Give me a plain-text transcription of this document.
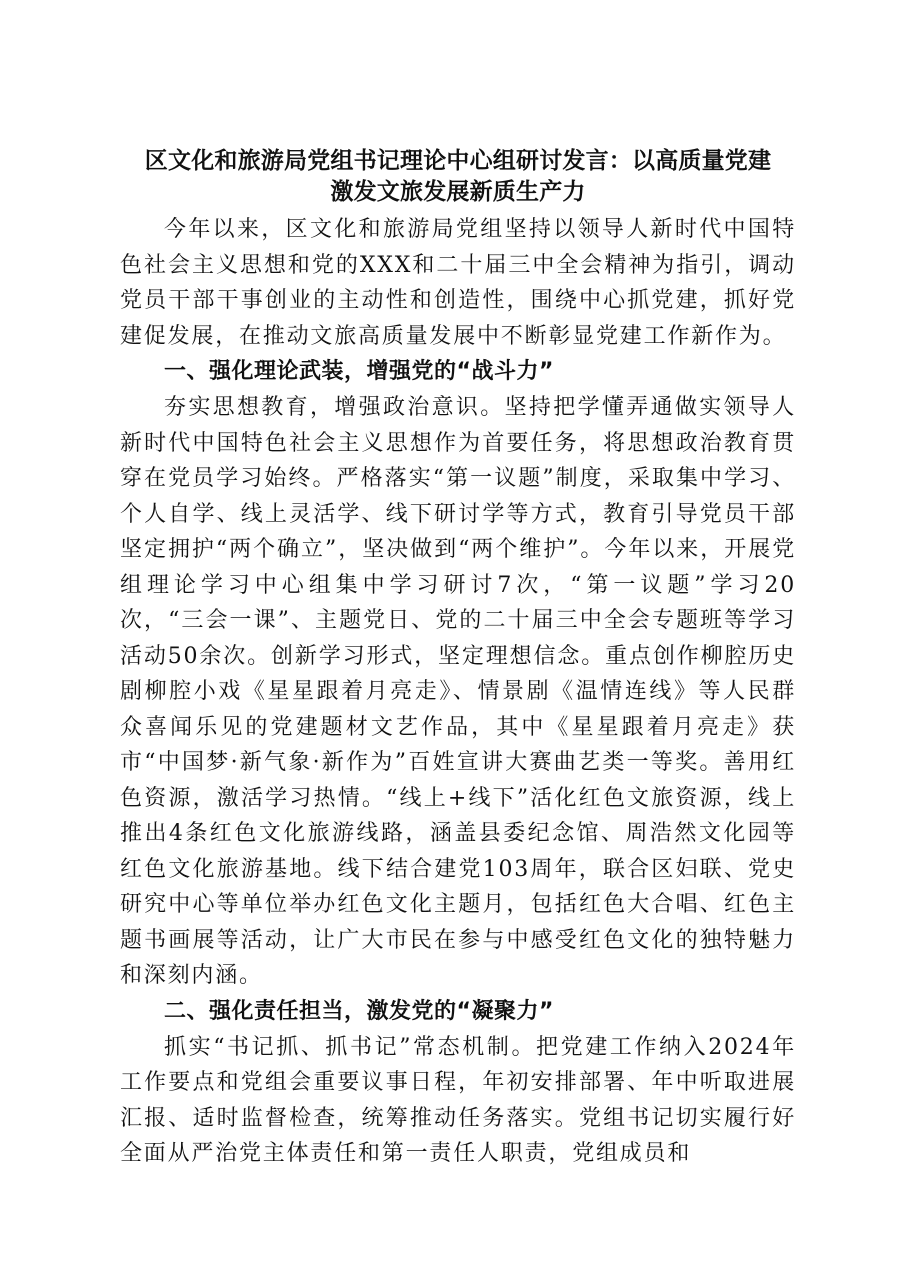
区文化和旅游局党组书记理论中心组研讨发言：以高质量党建
激发文旅发展新质生产力

今年以来，区文化和旅游局党组坚持以领导人新时代中国特色社会主义思想和党的XXX和二十届三中全会精神为指引，调动党员干部干事创业的主动性和创造性，围绕中心抓党建，抓好党建促发展，在推动文旅高质量发展中不断彰显党建工作新作为。

一、强化理论武装，增强党的“战斗力”

夯实思想教育，增强政治意识。坚持把学懂弄通做实领导人新时代中国特色社会主义思想作为首要任务，将思想政治教育贯穿在党员学习始终。严格落实“第一议题”制度，采取集中学习、个人自学、线上灵活学、线下研讨学等方式，教育引导党员干部坚定拥护“两个确立”，坚决做到“两个维护”。今年以来，开展党组理论学习中心组集中学习研讨7次，“第一议题”学习20次，“三会一课”、主题党日、党的二十届三中全会专题班等学习活动50余次。创新学习形式，坚定理想信念。重点创作柳腔历史剧柳腔小戏《星星跟着月亮走》、情景剧《温情连线》等人民群众喜闻乐见的党建题材文艺作品，其中《星星跟着月亮走》获市“中国梦·新气象·新作为”百姓宣讲大赛曲艺类一等奖。善用红色资源，激活学习热情。“线上+线下”活化红色文旅资源，线上推出4条红色文化旅游线路，涵盖县委纪念馆、周浩然文化园等红色文化旅游基地。线下结合建党103周年，联合区妇联、党史研究中心等单位举办红色文化主题月，包括红色大合唱、红色主题书画展等活动，让广大市民在参与中感受红色文化的独特魅力和深刻内涵。

二、强化责任担当，激发党的“凝聚力”

抓实“书记抓、抓书记”常态机制。把党建工作纳入2024年工作要点和党组会重要议事日程，年初安排部署、年中听取进展汇报、适时监督检查，统筹推动任务落实。党组书记切实履行好全面从严治党主体责任和第一责任人职责，党组成员和
